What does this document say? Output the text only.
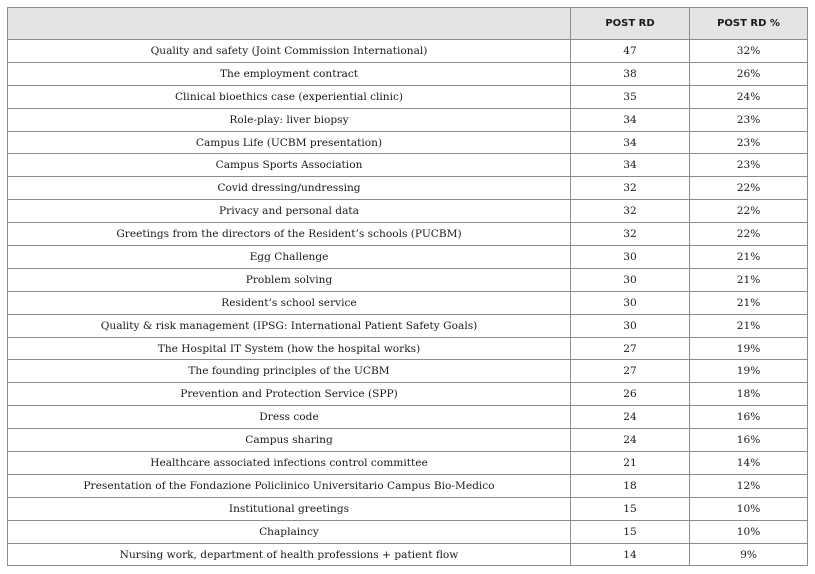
	POST RD	POST RD %
Quality and safety (Joint Commission International)	47	32%
The employment contract	38	26%
Clinical bioethics case (experiential clinic)	35	24%
Role-play: liver biopsy	34	23%
Campus Life (UCBM presentation)	34	23%
Campus Sports Association	34	23%
Covid dressing/undressing	32	22%
Privacy and personal data	32	22%
Greetings from the directors of the Resident’s schools (PUCBM)	32	22%
Egg Challenge	30	21%
Problem solving	30	21%
Resident’s school service	30	21%
Quality & risk management (IPSG: International Patient Safety Goals)	30	21%
The Hospital IT System (how the hospital works)	27	19%
The founding principles of the UCBM	27	19%
Prevention and Protection Service (SPP)	26	18%
Dress code	24	16%
Campus sharing	24	16%
Healthcare associated infections control committee	21	14%
Presentation of the Fondazione Policlinico Universitario Campus Bio-Medico	18	12%
Institutional greetings	15	10%
Chaplaincy	15	10%
Nursing work, department of health professions + patient flow	14	9%
